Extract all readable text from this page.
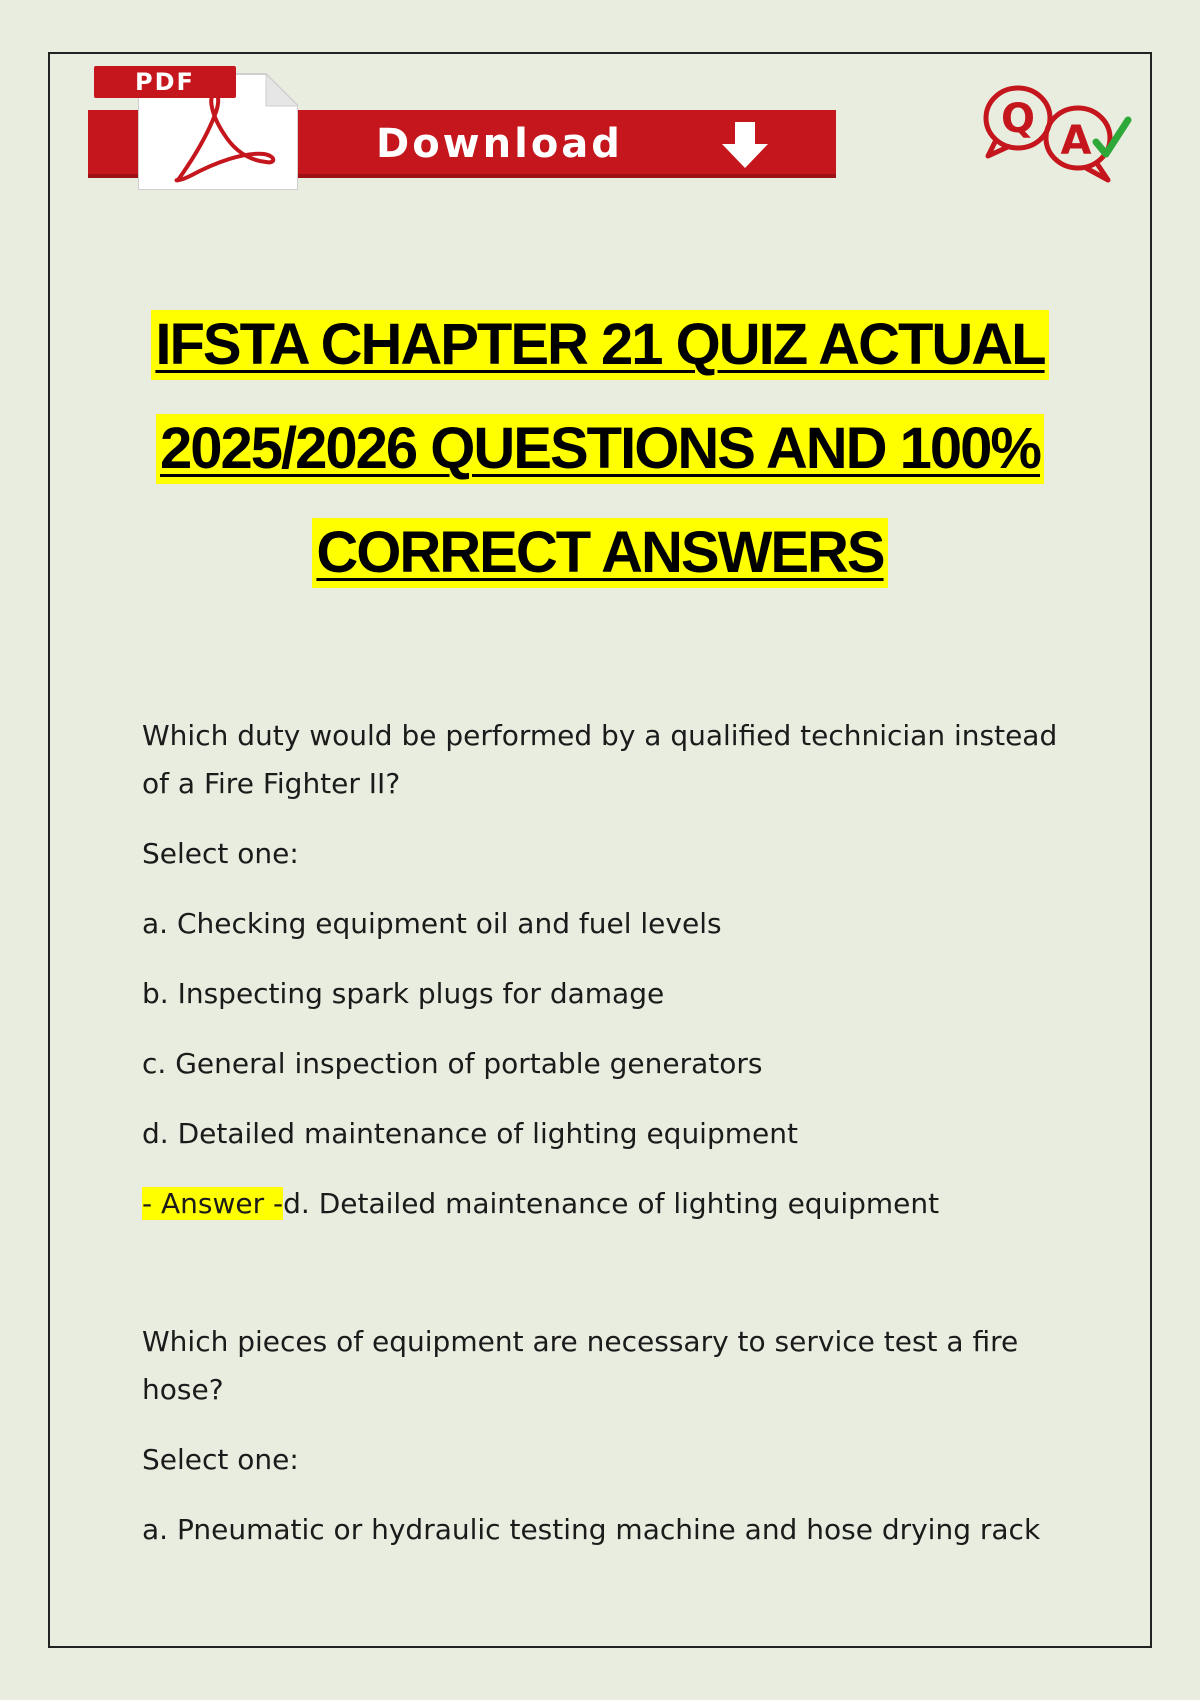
PDF
Download
Q A
IFSTA CHAPTER 21 QUIZ ACTUAL
2025/2026 QUESTIONS AND 100%
CORRECT ANSWERS

Which duty would be performed by a qualified technician instead of a Fire Fighter II?

Select one:
a. Checking equipment oil and fuel levels
b. Inspecting spark plugs for damage
c. General inspection of portable generators
d. Detailed maintenance of lighting equipment
- Answer -d. Detailed maintenance of lighting equipment

Which pieces of equipment are necessary to service test a fire hose?

Select one:
a. Pneumatic or hydraulic testing machine and hose drying rack
